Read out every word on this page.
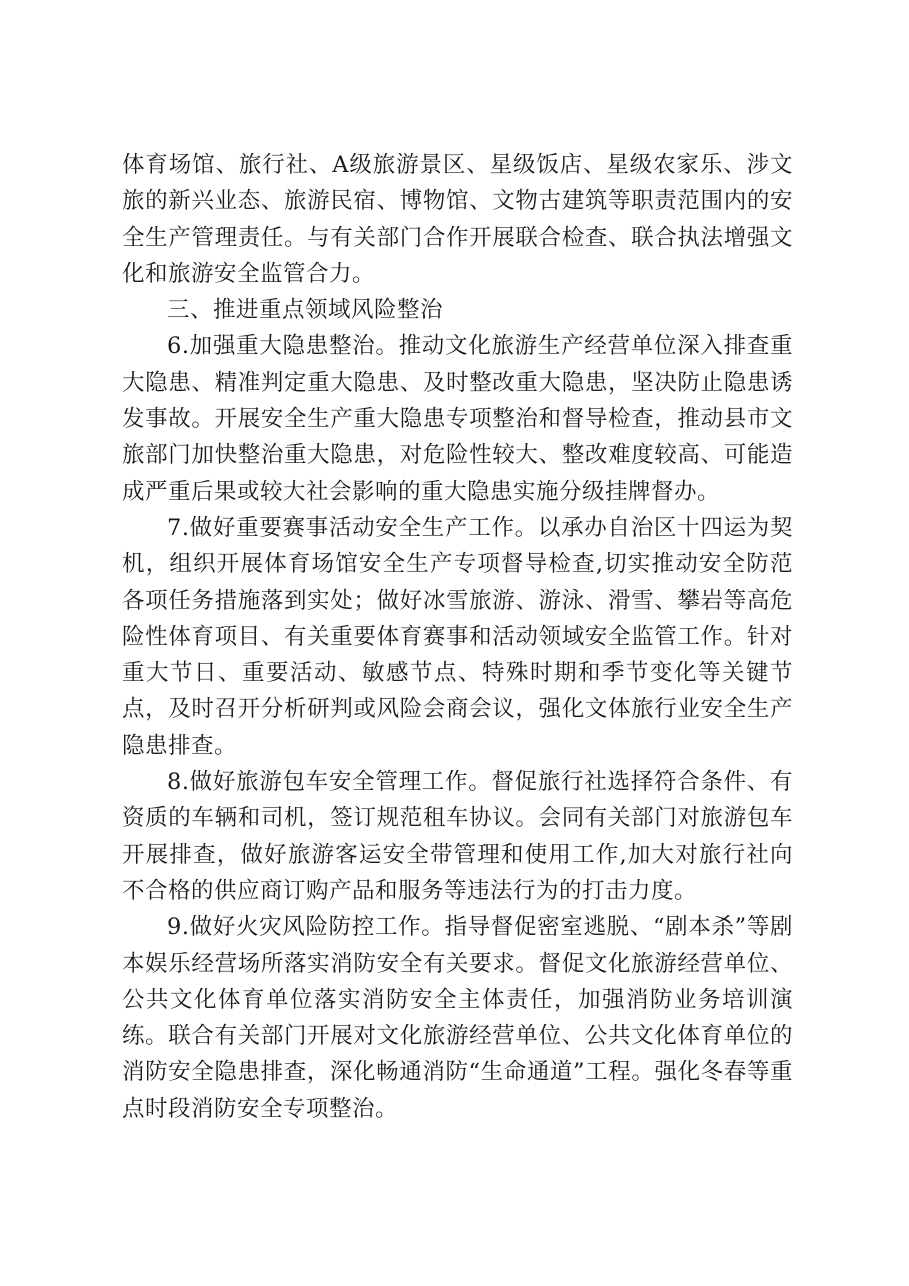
体育场馆、旅行社、A级旅游景区、星级饭店、星级农家乐、涉文旅的新兴业态、旅游民宿、博物馆、文物古建筑等职责范围内的安全生产管理责任。与有关部门合作开展联合检查、联合执法增强文化和旅游安全监管合力。

三、推进重点领域风险整治

6.加强重大隐患整治。推动文化旅游生产经营单位深入排查重大隐患、精准判定重大隐患、及时整改重大隐患，坚决防止隐患诱发事故。开展安全生产重大隐患专项整治和督导检查，推动县市文旅部门加快整治重大隐患，对危险性较大、整改难度较高、可能造成严重后果或较大社会影响的重大隐患实施分级挂牌督办。

7.做好重要赛事活动安全生产工作。以承办自治区十四运为契机，组织开展体育场馆安全生产专项督导检查,切实推动安全防范各项任务措施落到实处；做好冰雪旅游、游泳、滑雪、攀岩等高危险性体育项目、有关重要体育赛事和活动领域安全监管工作。针对重大节日、重要活动、敏感节点、特殊时期和季节变化等关键节点，及时召开分析研判或风险会商会议，强化文体旅行业安全生产隐患排查。

8.做好旅游包车安全管理工作。督促旅行社选择符合条件、有资质的车辆和司机，签订规范租车协议。会同有关部门对旅游包车开展排查，做好旅游客运安全带管理和使用工作,加大对旅行社向不合格的供应商订购产品和服务等违法行为的打击力度。

9.做好火灾风险防控工作。指导督促密室逃脱、“剧本杀”等剧本娱乐经营场所落实消防安全有关要求。督促文化旅游经营单位、公共文化体育单位落实消防安全主体责任，加强消防业务培训演练。联合有关部门开展对文化旅游经营单位、公共文化体育单位的消防安全隐患排查，深化畅通消防“生命通道”工程。强化冬春等重点时段消防安全专项整治。
